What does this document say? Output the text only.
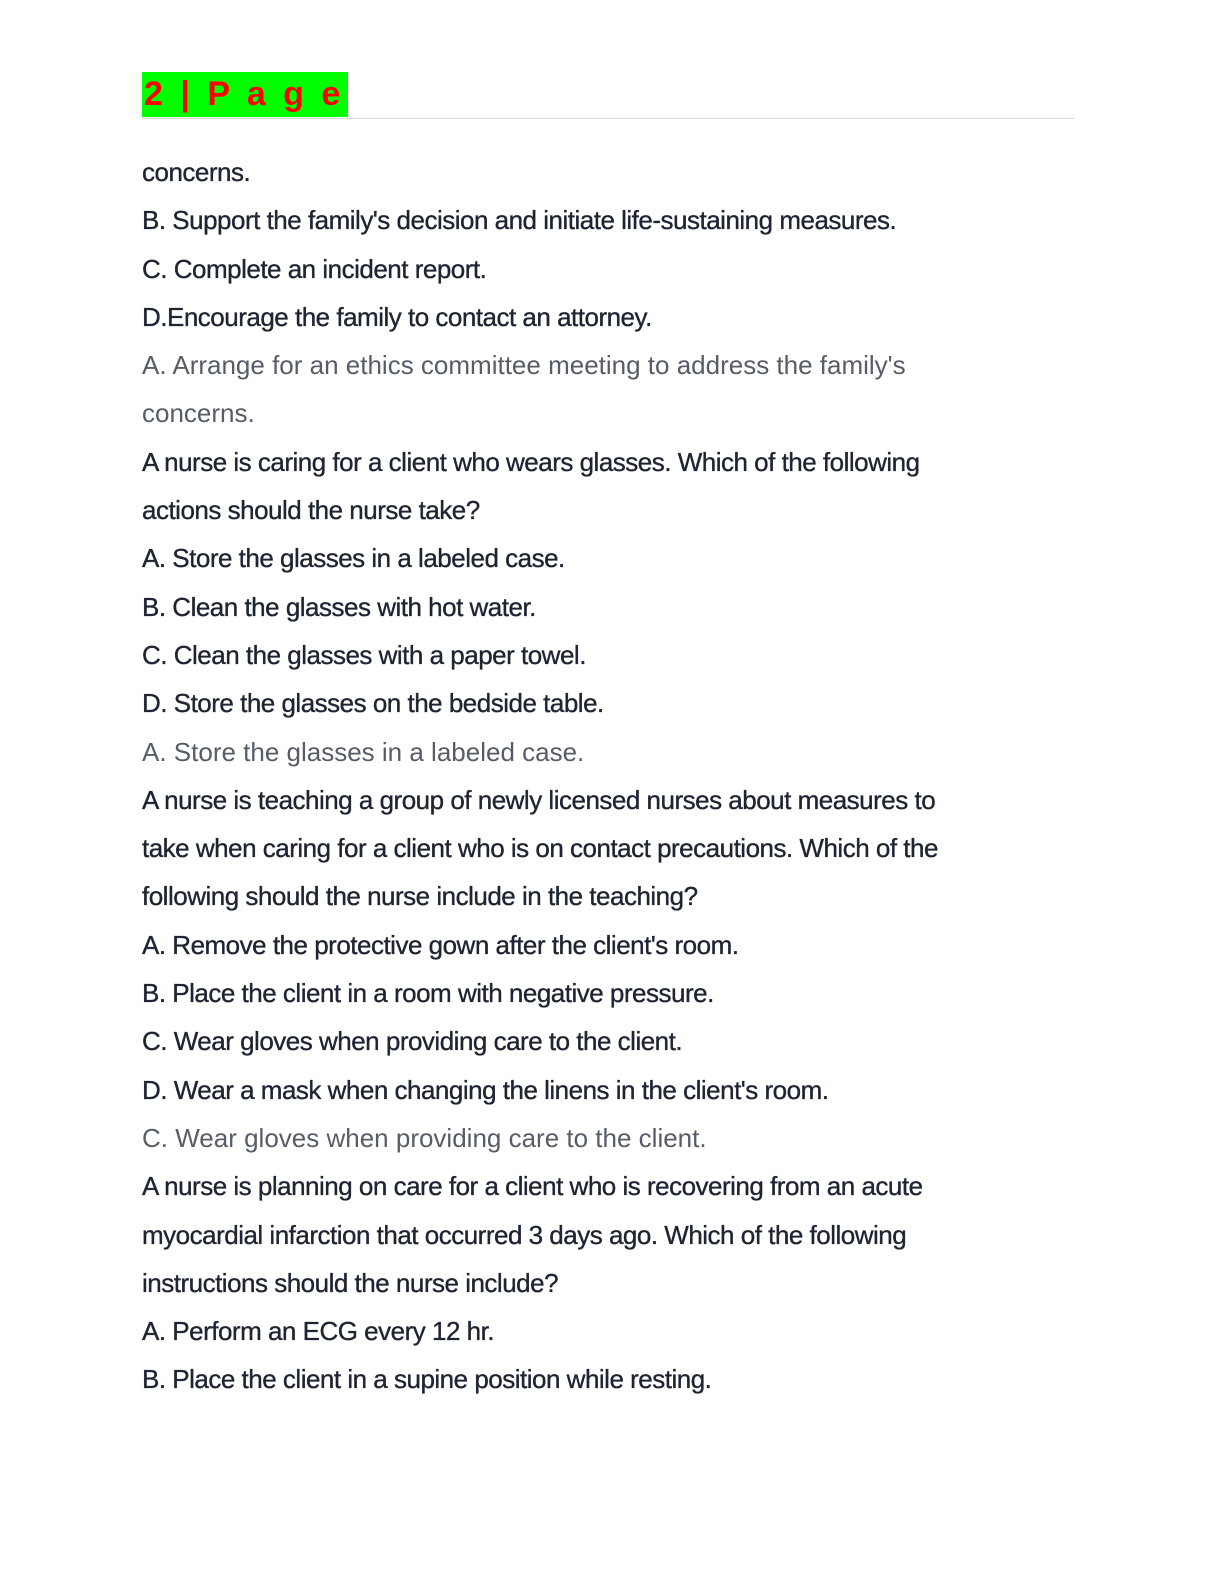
2 | P a g e
concerns.
B. Support the family's decision and initiate life-sustaining measures.
C. Complete an incident report.
D.Encourage the family to contact an attorney.
A. Arrange for an ethics committee meeting to address the family's
concerns.
A nurse is caring for a client who wears glasses. Which of the following
actions should the nurse take?
A. Store the glasses in a labeled case.
B. Clean the glasses with hot water.
C. Clean the glasses with a paper towel.
D. Store the glasses on the bedside table.
A. Store the glasses in a labeled case.
A nurse is teaching a group of newly licensed nurses about measures to
take when caring for a client who is on contact precautions. Which of the
following should the nurse include in the teaching?
A. Remove the protective gown after the client's room.
B. Place the client in a room with negative pressure.
C. Wear gloves when providing care to the client.
D. Wear a mask when changing the linens in the client's room.
C. Wear gloves when providing care to the client.
A nurse is planning on care for a client who is recovering from an acute
myocardial infarction that occurred 3 days ago. Which of the following
instructions should the nurse include?
A. Perform an ECG every 12 hr.
B. Place the client in a supine position while resting.
